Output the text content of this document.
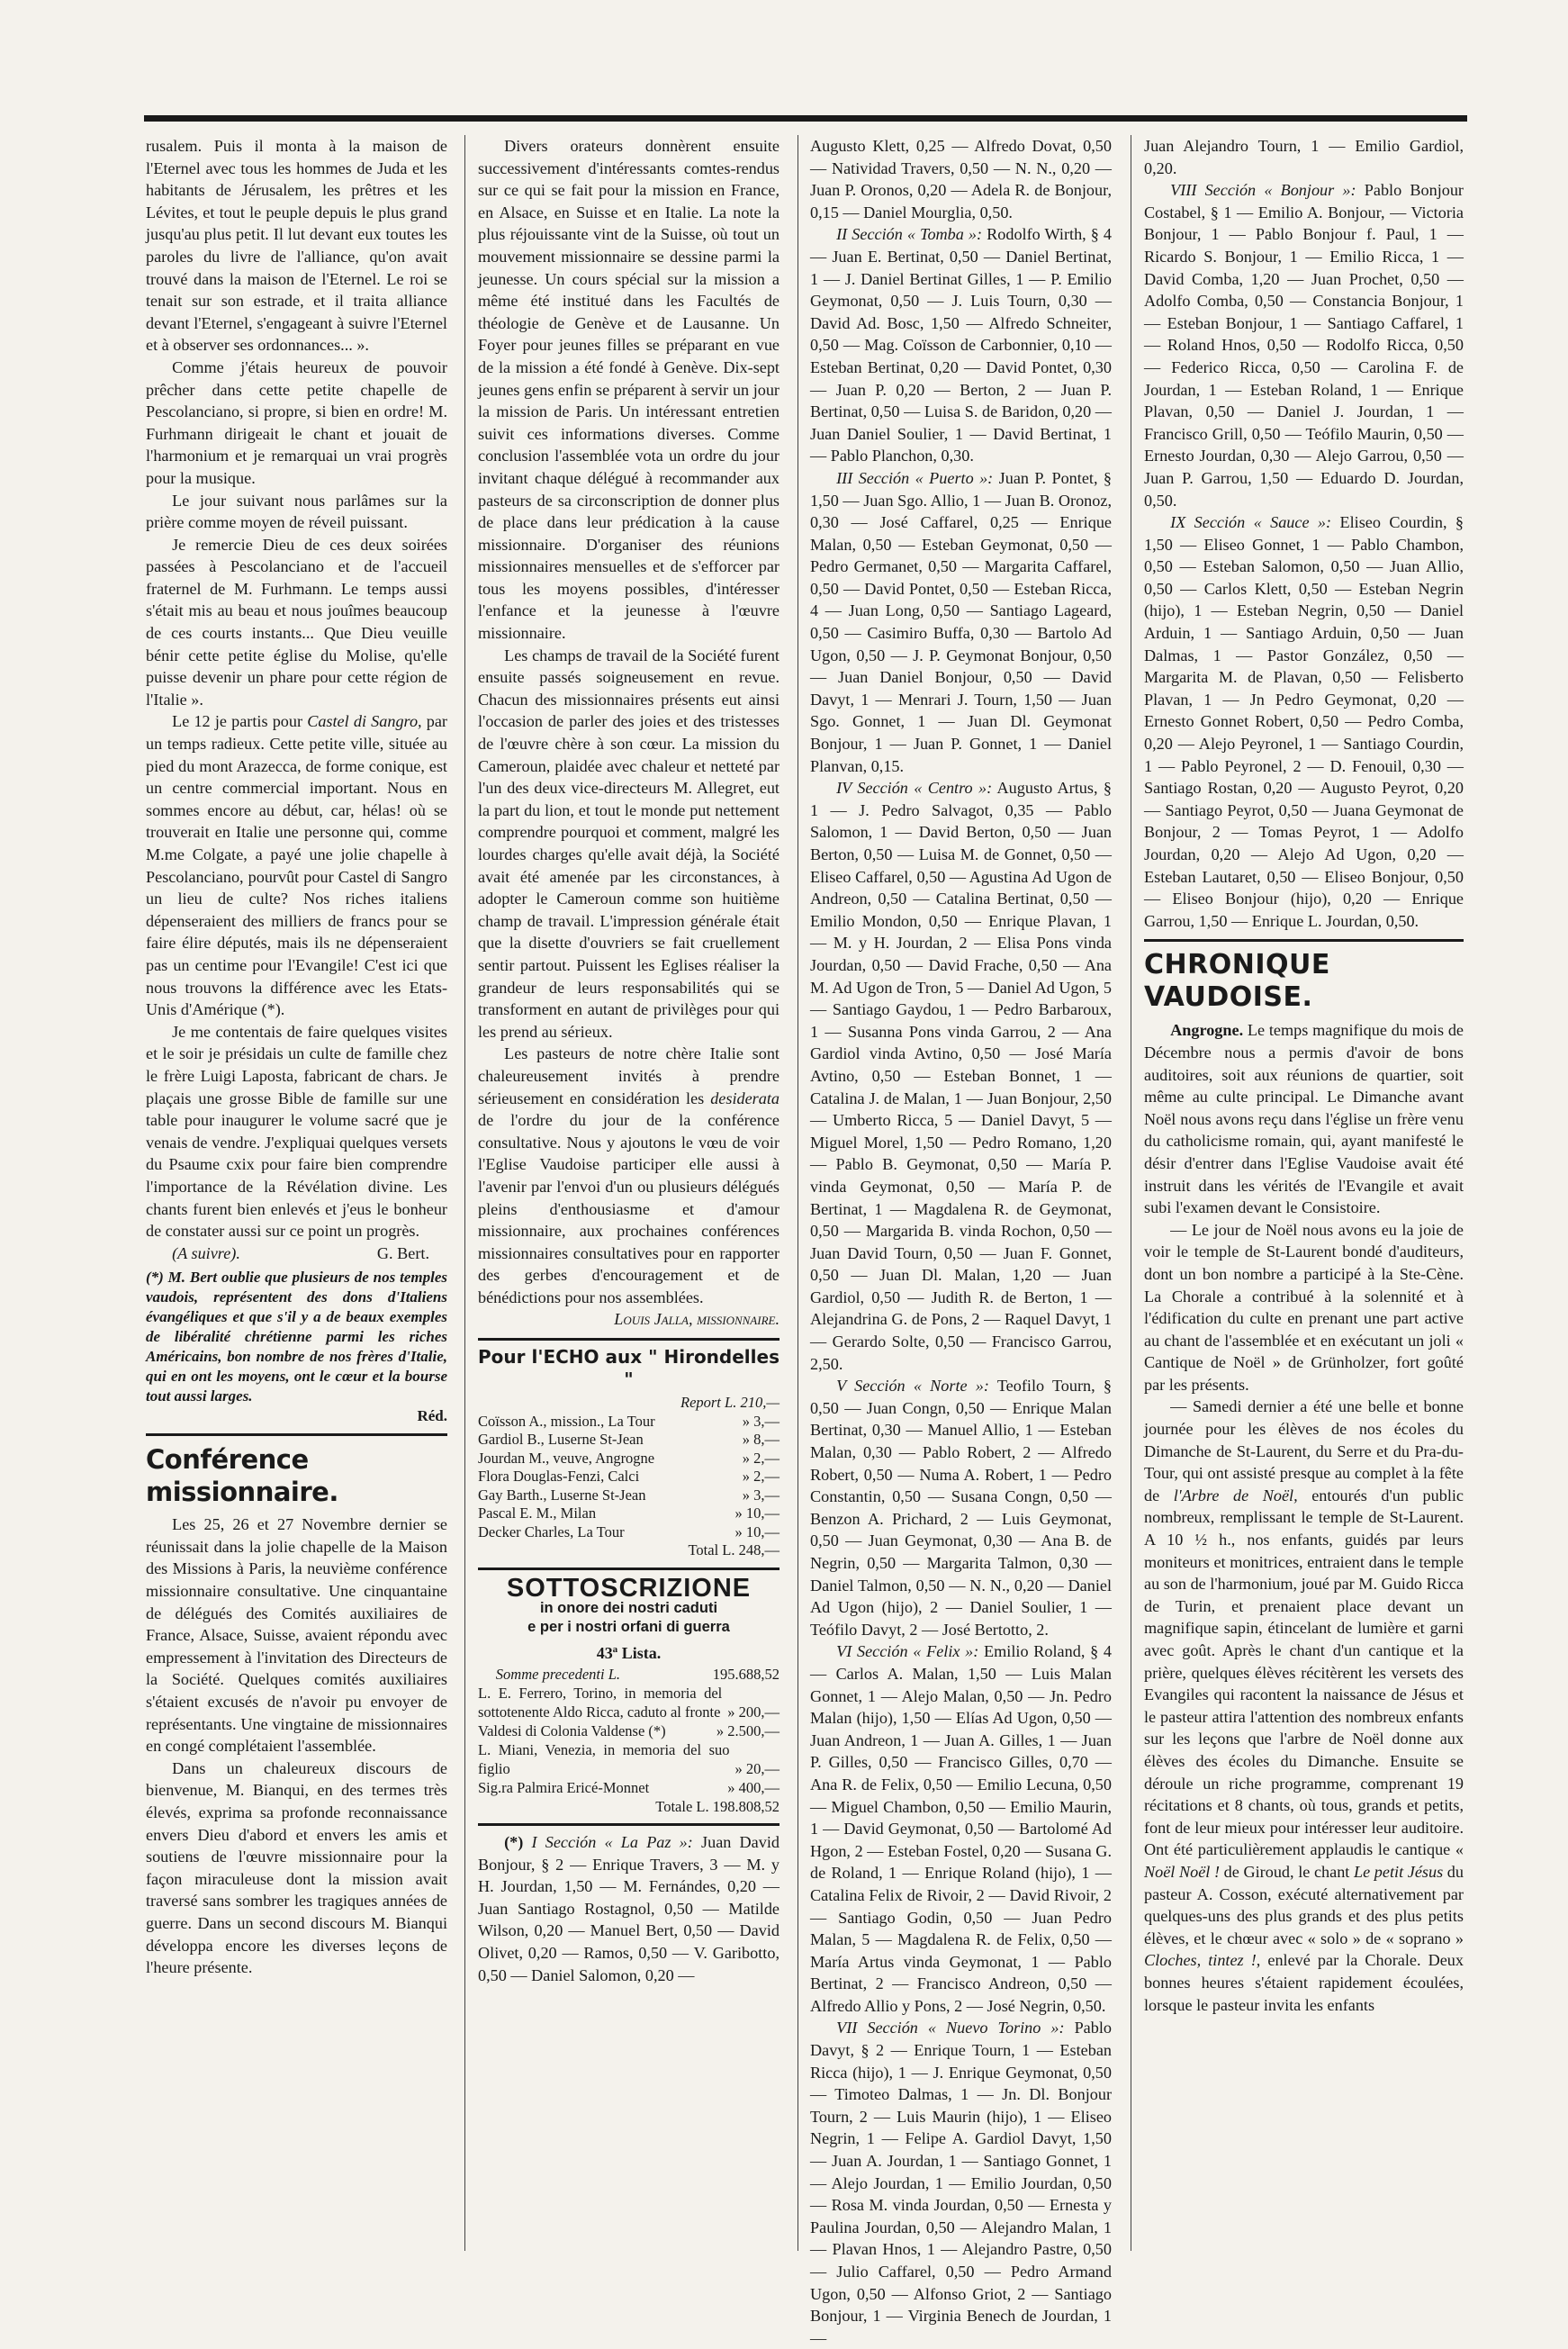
rusalem. Puis il monta à la maison de l'Eternel avec tous les hommes de Juda et les habitants de Jérusalem, les prêtres et les Lévites, et tout le peuple depuis le plus grand jusqu'au plus petit. Il lut devant eux toutes les paroles du livre de l'alliance, qu'on avait trouvé dans la maison de l'Eternel. Le roi se tenait sur son estrade, et il traita alliance devant l'Eternel, s'engageant à suivre l'Eternel et à observer ses ordonnances... ».

Comme j'étais heureux de pouvoir prêcher dans cette petite chapelle de Pescolanciano, si propre, si bien en ordre! M. Furhmann dirigeait le chant et jouait de l'harmonium et je remarquai un vrai progrès pour la musique.

Le jour suivant nous parlâmes sur la prière comme moyen de réveil puissant.

Je remercie Dieu de ces deux soirées passées à Pescolanciano et de l'accueil fraternel de M. Furhmann. Le temps aussi s'était mis au beau et nous jouîmes beaucoup de ces courts instants... Que Dieu veuille bénir cette petite église du Molise, qu'elle puisse devenir un phare pour cette région de l'Italie ».

Le 12 je partis pour Castel di Sangro, par un temps radieux. Cette petite ville, située au pied du mont Arazecca, de forme conique, est un centre commercial important. Nous en sommes encore au début, car, hélas! où se trouverait en Italie une personne qui, comme M.me Colgate, a payé une jolie chapelle à Pescolanciano, pourvût pour Castel di Sangro un lieu de culte? Nos riches italiens dépenseraient des milliers de francs pour se faire élire députés, mais ils ne dépenseraient pas un centime pour l'Evangile! C'est ici que nous trouvons la différence avec les Etats-Unis d'Amérique (*).

Je me contentais de faire quelques visites et le soir je présidais un culte de famille chez le frère Luigi Laposta, fabricant de chars. Je plaçais une grosse Bible de famille sur une table pour inaugurer le volume sacré que je venais de vendre. J'expliquai quelques versets du Psaume cxix pour faire bien comprendre l'importance de la Révélation divine. Les chants furent bien enlevés et j'eus le bonheur de constater aussi sur ce point un progrès.

(A suivre).	G. Bert.
(*) M. Bert oublie que plusieurs de nos temples vaudois, représentent des dons d'Italiens évangéliques et que s'il y a de beaux exemples de libéralité chrétienne parmi les riches Américains, bon nombre de nos frères d'Italie, qui en ont les moyens, ont le cœur et la bourse tout aussi larges.
Réd.
Conférence missionnaire.

Les 25, 26 et 27 Novembre dernier se réunissait dans la jolie chapelle de la Maison des Missions à Paris, la neuvième conférence missionnaire consultative. Une cinquantaine de délégués des Comités auxiliaires de France, Alsace, Suisse, avaient répondu avec empressement à l'invitation des Directeurs de la Société. Quelques comités auxiliaires s'étaient excusés de n'avoir pu envoyer de représentants. Une vingtaine de missionnaires en congé complétaient l'assemblée.

Dans un chaleureux discours de bienvenue, M. Bianqui, en des termes très élevés, exprima sa profonde reconnaissance envers Dieu d'abord et envers les amis et soutiens de l'œuvre missionnaire pour la façon miraculeuse dont la mission avait traversé sans sombrer les tragiques années de guerre. Dans un second discours M. Bianqui développa encore les diverses leçons de l'heure présente.

Divers orateurs donnèrent ensuite successivement d'intéressants comtes-rendus sur ce qui se fait pour la mission en France, en Alsace, en Suisse et en Italie. La note la plus réjouissante vint de la Suisse, où tout un mouvement missionnaire se dessine parmi la jeunesse. Un cours spécial sur la mission a même été institué dans les Facultés de théologie de Genève et de Lausanne. Un Foyer pour jeunes filles se préparant en vue de la mission a été fondé à Genève. Dix-sept jeunes gens enfin se préparent à servir un jour la mission de Paris. Un intéressant entretien suivit ces informations diverses. Comme conclusion l'assemblée vota un ordre du jour invitant chaque délégué à recommander aux pasteurs de sa circonscription de donner plus de place dans leur prédication à la cause missionnaire. D'organiser des réunions missionnaires mensuelles et de s'efforcer par tous les moyens possibles, d'intéresser l'enfance et la jeunesse à l'œuvre missionnaire.

Les champs de travail de la Société furent ensuite passés soigneusement en revue. Chacun des missionnaires présents eut ainsi l'occasion de parler des joies et des tristesses de l'œuvre chère à son cœur. La mission du Cameroun, plaidée avec chaleur et netteté par l'un des deux vice-directeurs M. Allegret, eut la part du lion, et tout le monde put nettement comprendre pourquoi et comment, malgré les lourdes charges qu'elle avait déjà, la Société avait été amenée par les circonstances, à adopter le Cameroun comme son huitième champ de travail. L'impression générale était que la disette d'ouvriers se fait cruellement sentir partout. Puissent les Eglises réaliser la grandeur de leurs responsabilités qui se transforment en autant de privilèges pour qui les prend au sérieux.

Les pasteurs de notre chère Italie sont chaleureusement invités à prendre sérieusement en considération les desiderata de l'ordre du jour de la conférence consultative. Nous y ajoutons le vœu de voir l'Eglise Vaudoise participer elle aussi à l'avenir par l'envoi d'un ou plusieurs délégués pleins d'enthousiasme et d'amour missionnaire, aux prochaines conférences missionnaires consultatives pour en rapporter des gerbes d'encouragement et de bénédictions pour nos assemblées.

Louis Jalla, missionnaire.
Pour l'ECHO aux " Hirondelles "
Report L. 210,—
Coïsson A., mission., La Tour	» 3,—
Gardiol B., Luserne St-Jean	» 8,—
Jourdan M., veuve, Angrogne	» 2,—
Flora Douglas-Fenzi, Calci	» 2,—
Gay Barth., Luserne St-Jean	» 3,—
Pascal E. M., Milan	» 10,—
Decker Charles, La Tour	» 10,—
Total L. 248,—
SOTTOSCRIZIONE
in onore dei nostri caduti
e per i nostri orfani di guerra
43ª Lista.
Somme precedenti L.	195.688,52
L. E. Ferrero, Torino, in memoria del sottotenente Aldo Ricca, caduto al fronte » 200,—
Valdesi di Colonia Valdense (*)	» 2.500,—
L. Miani, Venezia, in memoria del suo figlio	» 20,—
Sig.ra Palmira Ericé-Monnet	» 400,—
Totale L. 198.808,52

(*) I Sección « La Paz »: Juan David Bonjour, § 2 — Enrique Travers, 3 — M. y H. Jourdan, 1,50 — M. Fernándes, 0,20 — Juan Santiago Rostagnol, 0,50 — Matilde Wilson, 0,20 — Manuel Bert, 0,50 — David Olivet, 0,20 — Ramos, 0,50 — V. Garibotto, 0,50 — Daniel Salomon, 0,20 —

Augusto Klett, 0,25 — Alfredo Dovat, 0,50 — Natividad Travers, 0,50 — N. N., 0,20 — Juan P. Oronos, 0,20 — Adela R. de Bonjour, 0,15 — Daniel Mourglia, 0,50.

II Sección « Tomba »: Rodolfo Wirth, § 4 — Juan E. Bertinat, 0,50 — Daniel Bertinat, 1 — J. Daniel Bertinat Gilles, 1 — P. Emilio Geymonat, 0,50 — J. Luis Tourn, 0,30 — David Ad. Bosc, 1,50 — Alfredo Schneiter, 0,50 — Mag. Coïsson de Carbonnier, 0,10 — Esteban Bertinat, 0,20 — David Pontet, 0,30 — Juan P. 0,20 — Berton, 2 — Juan P. Bertinat, 0,50 — Luisa S. de Baridon, 0,20 — Juan Daniel Soulier, 1 — David Bertinat, 1 — Pablo Planchon, 0,30.

III Sección « Puerto »: Juan P. Pontet, § 1,50 — Juan Sgo. Allio, 1 — Juan B. Oronoz, 0,30 — José Caffarel, 0,25 — Enrique Malan, 0,50 — Esteban Geymonat, 0,50 — Pedro Germanet, 0,50 — Margarita Caffarel, 0,50 — David Pontet, 0,50 — Esteban Ricca, 4 — Juan Long, 0,50 — Santiago Lageard, 0,50 — Casimiro Buffa, 0,30 — Bartolo Ad Ugon, 0,50 — J. P. Geymonat Bonjour, 0,50 — Juan Daniel Bonjour, 0,50 — David Davyt, 1 — Menrari J. Tourn, 1,50 — Juan Sgo. Gonnet, 1 — Juan Dl. Geymonat Bonjour, 1 — Juan P. Gonnet, 1 — Daniel Planvan, 0,15.

IV Sección « Centro »: Augusto Artus, § 1 — J. Pedro Salvagot, 0,35 — Pablo Salomon, 1 — David Berton, 0,50 — Juan Berton, 0,50 — Luisa M. de Gonnet, 0,50 — Eliseo Caffarel, 0,50 — Agustina Ad Ugon de Andreon, 0,50 — Catalina Bertinat, 0,50 — Emilio Mondon, 0,50 — Enrique Plavan, 1 — M. y H. Jourdan, 2 — Elisa Pons vinda Jourdan, 0,50 — David Frache, 0,50 — Ana M. Ad Ugon de Tron, 5 — Daniel Ad Ugon, 5 — Santiago Gaydou, 1 — Pedro Barbaroux, 1 — Susanna Pons vinda Garrou, 2 — Ana Gardiol vinda Avtino, 0,50 — José María Avtino, 0,50 — Esteban Bonnet, 1 — Catalina J. de Malan, 1 — Juan Bonjour, 2,50 — Umberto Ricca, 5 — Daniel Davyt, 5 — Miguel Morel, 1,50 — Pedro Romano, 1,20 — Pablo B. Geymonat, 0,50 — María P. vinda Geymonat, 0,50 — María P. de Bertinat, 1 — Magdalena R. de Geymonat, 0,50 — Margarida B. vinda Rochon, 0,50 — Juan David Tourn, 0,50 — Juan F. Gonnet, 0,50 — Juan Dl. Malan, 1,20 — Juan Gardiol, 0,50 — Judith R. de Berton, 1 — Alejandrina G. de Pons, 2 — Raquel Davyt, 1 — Gerardo Solte, 0,50 — Francisco Garrou, 2,50.

V Sección « Norte »: Teofilo Tourn, § 0,50 — Juan Congn, 0,50 — Enrique Malan Bertinat, 0,30 — Manuel Allio, 1 — Esteban Malan, 0,30 — Pablo Robert, 2 — Alfredo Robert, 0,50 — Numa A. Robert, 1 — Pedro Constantin, 0,50 — Susana Congn, 0,50 — Benzon A. Prichard, 2 — Luis Geymonat, 0,50 — Juan Geymonat, 0,30 — Ana B. de Negrin, 0,50 — Margarita Talmon, 0,30 — Daniel Talmon, 0,50 — N. N., 0,20 — Daniel Ad Ugon (hijo), 2 — Daniel Soulier, 1 — Teófilo Davyt, 2 — José Bertotto, 2.

VI Sección « Felix »: Emilio Roland, § 4 — Carlos A. Malan, 1,50 — Luis Malan Gonnet, 1 — Alejo Malan, 0,50 — Jn. Pedro Malan (hijo), 1,50 — Elías Ad Ugon, 0,50 — Juan Andreon, 1 — Juan A. Gilles, 1 — Juan P. Gilles, 0,50 — Francisco Gilles, 0,70 — Ana R. de Felix, 0,50 — Emilio Lecuna, 0,50 — Miguel Chambon, 0,50 — Emilio Maurin, 1 — David Geymonat, 0,50 — Bartolomé Ad Hgon, 2 — Esteban Fostel, 0,20 — Susana G. de Roland, 1 — Enrique Roland (hijo), 1 — Catalina Felix de Rivoir, 2 — David Rivoir, 2 — Santiago Godin, 0,50 — Juan Pedro Malan, 5 — Magdalena R. de Felix, 0,50 — María Artus vinda Geymonat, 1 — Pablo Bertinat, 2 — Francisco Andreon, 0,50 — Alfredo Allio y Pons, 2 — José Negrin, 0,50.

VII Sección « Nuevo Torino »: Pablo Davyt, § 2 — Enrique Tourn, 1 — Esteban Ricca (hijo), 1 — J. Enrique Geymonat, 0,50 — Timoteo Dalmas, 1 — Jn. Dl. Bonjour Tourn, 2 — Luis Maurin (hijo), 1 — Eliseo Negrin, 1 — Felipe A. Gardiol Davyt, 1,50 — Juan A. Jourdan, 1 — Santiago Gonnet, 1 — Alejo Jourdan, 1 — Emilio Jourdan, 0,50 — Rosa M. vinda Jourdan, 0,50 — Ernesta y Paulina Jourdan, 0,50 — Alejandro Malan, 1 — Plavan Hnos, 1 — Alejandro Pastre, 0,50 — Julio Caffarel, 0,50 — Pedro Armand Ugon, 0,50 — Alfonso Griot, 2 — Santiago Bonjour, 1 — Virginia Benech de Jourdan, 1 —

Juan Alejandro Tourn, 1 — Emilio Gardiol, 0,20.

VIII Sección « Bonjour »: Pablo Bonjour Costabel, § 1 — Emilio A. Bonjour, — Victoria Bonjour, 1 — Pablo Bonjour f. Paul, 1 — Ricardo S. Bonjour, 1 — Emilio Ricca, 1 — David Comba, 1,20 — Juan Prochet, 0,50 — Adolfo Comba, 0,50 — Constancia Bonjour, 1 — Esteban Bonjour, 1 — Santiago Caffarel, 1 — Roland Hnos, 0,50 — Rodolfo Ricca, 0,50 — Federico Ricca, 0,50 — Carolina F. de Jourdan, 1 — Esteban Roland, 1 — Enrique Plavan, 0,50 — Daniel J. Jourdan, 1 — Francisco Grill, 0,50 — Teófilo Maurin, 0,50 — Ernesto Jourdan, 0,30 — Alejo Garrou, 0,50 — Juan P. Garrou, 1,50 — Eduardo D. Jourdan, 0,50.

IX Sección « Sauce »: Eliseo Courdin, § 1,50 — Eliseo Gonnet, 1 — Pablo Chambon, 0,50 — Esteban Salomon, 0,50 — Juan Allio, 0,50 — Carlos Klett, 0,50 — Esteban Negrin (hijo), 1 — Esteban Negrin, 0,50 — Daniel Arduin, 1 — Santiago Arduin, 0,50 — Juan Dalmas, 1 — Pastor González, 0,50 — Margarita M. de Plavan, 0,50 — Felisberto Plavan, 1 — Jn Pedro Geymonat, 0,20 — Ernesto Gonnet Robert, 0,50 — Pedro Comba, 0,20 — Alejo Peyronel, 1 — Santiago Courdin, 1 — Pablo Peyronel, 2 — D. Fenouil, 0,30 — Santiago Rostan, 0,20 — Augusto Peyrot, 0,20 — Santiago Peyrot, 0,50 — Juana Geymonat de Bonjour, 2 — Tomas Peyrot, 1 — Adolfo Jourdan, 0,20 — Alejo Ad Ugon, 0,20 — Esteban Lautaret, 0,50 — Eliseo Bonjour, 0,50 — Eliseo Bonjour (hijo), 0,20 — Enrique Garrou, 1,50 — Enrique L. Jourdan, 0,50.

CHRONIQUE VAUDOISE.

Angrogne. Le temps magnifique du mois de Décembre nous a permis d'avoir de bons auditoires, soit aux réunions de quartier, soit même au culte principal. Le Dimanche avant Noël nous avons reçu dans l'église un frère venu du catholicisme romain, qui, ayant manifesté le désir d'entrer dans l'Eglise Vaudoise avait été instruit dans les vérités de l'Evangile et avait subi l'examen devant le Consistoire.

— Le jour de Noël nous avons eu la joie de voir le temple de St-Laurent bondé d'auditeurs, dont un bon nombre a participé à la Ste-Cène. La Chorale a contribué à la solennité et à l'édification du culte en prenant une part active au chant de l'assemblée et en exécutant un joli « Cantique de Noël » de Grünholzer, fort goûté par les présents.

— Samedi dernier a été une belle et bonne journée pour les élèves de nos écoles du Dimanche de St-Laurent, du Serre et du Pra-du-Tour, qui ont assisté presque au complet à la fête de l'Arbre de Noël, entourés d'un public nombreux, remplissant le temple de St-Laurent. A 10 ½ h., nos enfants, guidés par leurs moniteurs et monitrices, entraient dans le temple au son de l'harmonium, joué par M. Guido Ricca de Turin, et prenaient place devant un magnifique sapin, étincelant de lumière et garni avec goût. Après le chant d'un cantique et la prière, quelques élèves récitèrent les versets des Evangiles qui racontent la naissance de Jésus et le pasteur attira l'attention des nombreux enfants sur les leçons que l'arbre de Noël donne aux élèves des écoles du Dimanche. Ensuite se déroule un riche programme, comprenant 19 récitations et 8 chants, où tous, grands et petits, font de leur mieux pour intéresser leur auditoire. Ont été particulièrement applaudis le cantique « Noël Noël ! de Giroud, le chant Le petit Jésus du pasteur A. Cosson, exécuté alternativement par quelques-uns des plus grands et des plus petits élèves, et le chœur avec « solo » de « soprano » Cloches, tintez !, enlevé par la Chorale. Deux bonnes heures s'étaient rapidement écoulées, lorsque le pasteur invita les enfants
